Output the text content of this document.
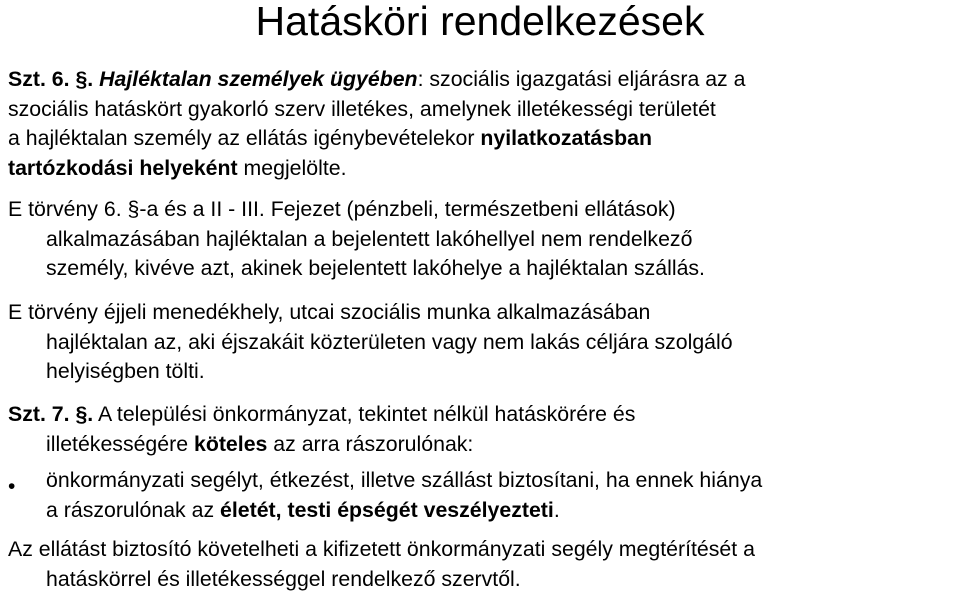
Hatásköri rendelkezések
Szt. 6. §. Hajléktalan személyek ügyében: szociális igazgatási eljárásra az a
szociális hatáskört gyakorló szerv illetékes, amelynek illetékességi területét
a hajléktalan személy az ellátás igénybevételekor nyilatkozatásban
tartózkodási helyeként megjelölte.
E törvény 6. §-a és a II - III. Fejezet (pénzbeli, természetbeni ellátások)
alkalmazásában hajléktalan a bejelentett lakóhellyel nem rendelkező
személy, kivéve azt, akinek bejelentett lakóhelye a hajléktalan szállás.
E törvény éjjeli menedékhely, utcai szociális munka alkalmazásában
hajléktalan az, aki éjszakáit közterületen vagy nem lakás céljára szolgáló
helyiségben tölti.
Szt. 7. §. A települési önkormányzat, tekintet nélkül hatáskörére és
illetékességére köteles az arra rászorulónak:
• önkormányzati segélyt, étkezést, illetve szállást biztosítani, ha ennek hiánya
a rászorulónak az életét, testi épségét veszélyezteti.
Az ellátást biztosító követelheti a kifizetett önkormányzati segély megtérítését a
hatáskörrel és illetékességgel rendelkező szervtől.
